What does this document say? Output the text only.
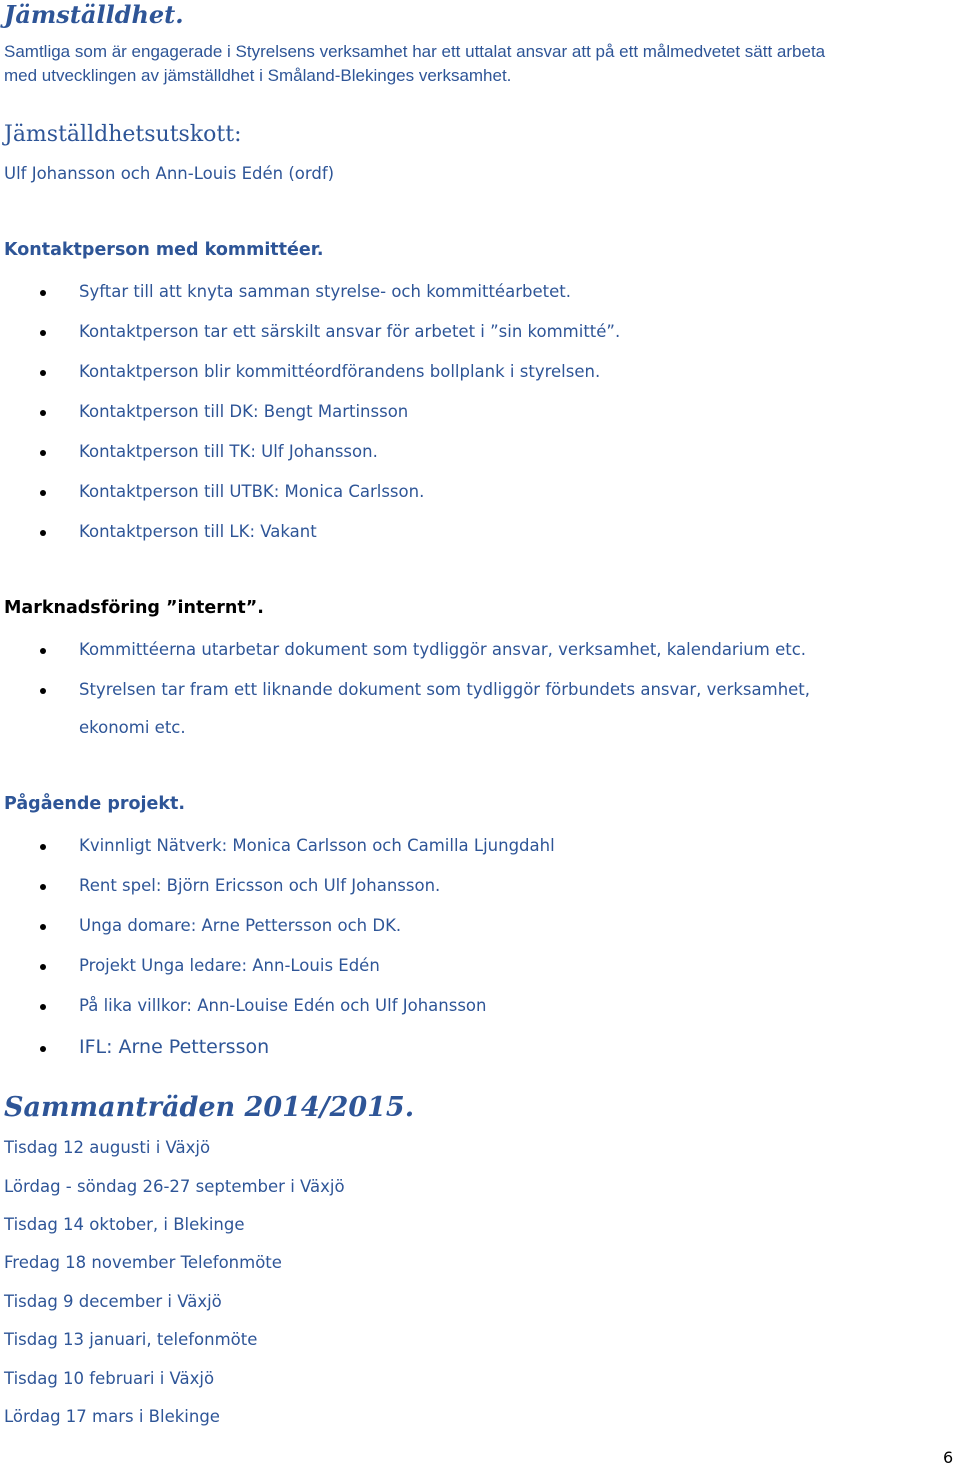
Jämställdhet.
Samtliga som är engagerade i Styrelsens verksamhet har ett uttalat ansvar att på ett målmedvetet sätt arbeta
med utvecklingen av jämställdhet i Småland-Blekinges verksamhet.
Jämställdhetsutskott:
Ulf Johansson och Ann-Louis Edén (ordf)
Kontaktperson med kommittéer.
Syftar till att knyta samman styrelse- och kommittéarbetet.
Kontaktperson tar ett särskilt ansvar för arbetet i ”sin kommitté”.
Kontaktperson blir kommittéordförandens bollplank i styrelsen.
Kontaktperson till DK: Bengt Martinsson
Kontaktperson till TK: Ulf Johansson.
Kontaktperson till UTBK: Monica Carlsson.
Kontaktperson till LK: Vakant
Marknadsföring ”internt”.
Kommittéerna utarbetar dokument som tydliggör ansvar, verksamhet, kalendarium etc.
Styrelsen tar fram ett liknande dokument som tydliggör förbundets ansvar, verksamhet,
ekonomi etc.
Pågående projekt.
Kvinnligt Nätverk: Monica Carlsson och Camilla Ljungdahl
Rent spel: Björn Ericsson och Ulf Johansson.
Unga domare: Arne Pettersson och DK.
Projekt Unga ledare: Ann-Louis Edén
På lika villkor: Ann-Louise Edén och Ulf Johansson
IFL: Arne Pettersson
Sammanträden 2014/2015.
Tisdag 12 augusti i Växjö
Lördag - söndag 26-27 september i Växjö
Tisdag 14 oktober, i Blekinge
Fredag 18 november Telefonmöte
Tisdag 9 december i Växjö
Tisdag 13 januari, telefonmöte
Tisdag 10 februari i Växjö
Lördag 17 mars i Blekinge
6
